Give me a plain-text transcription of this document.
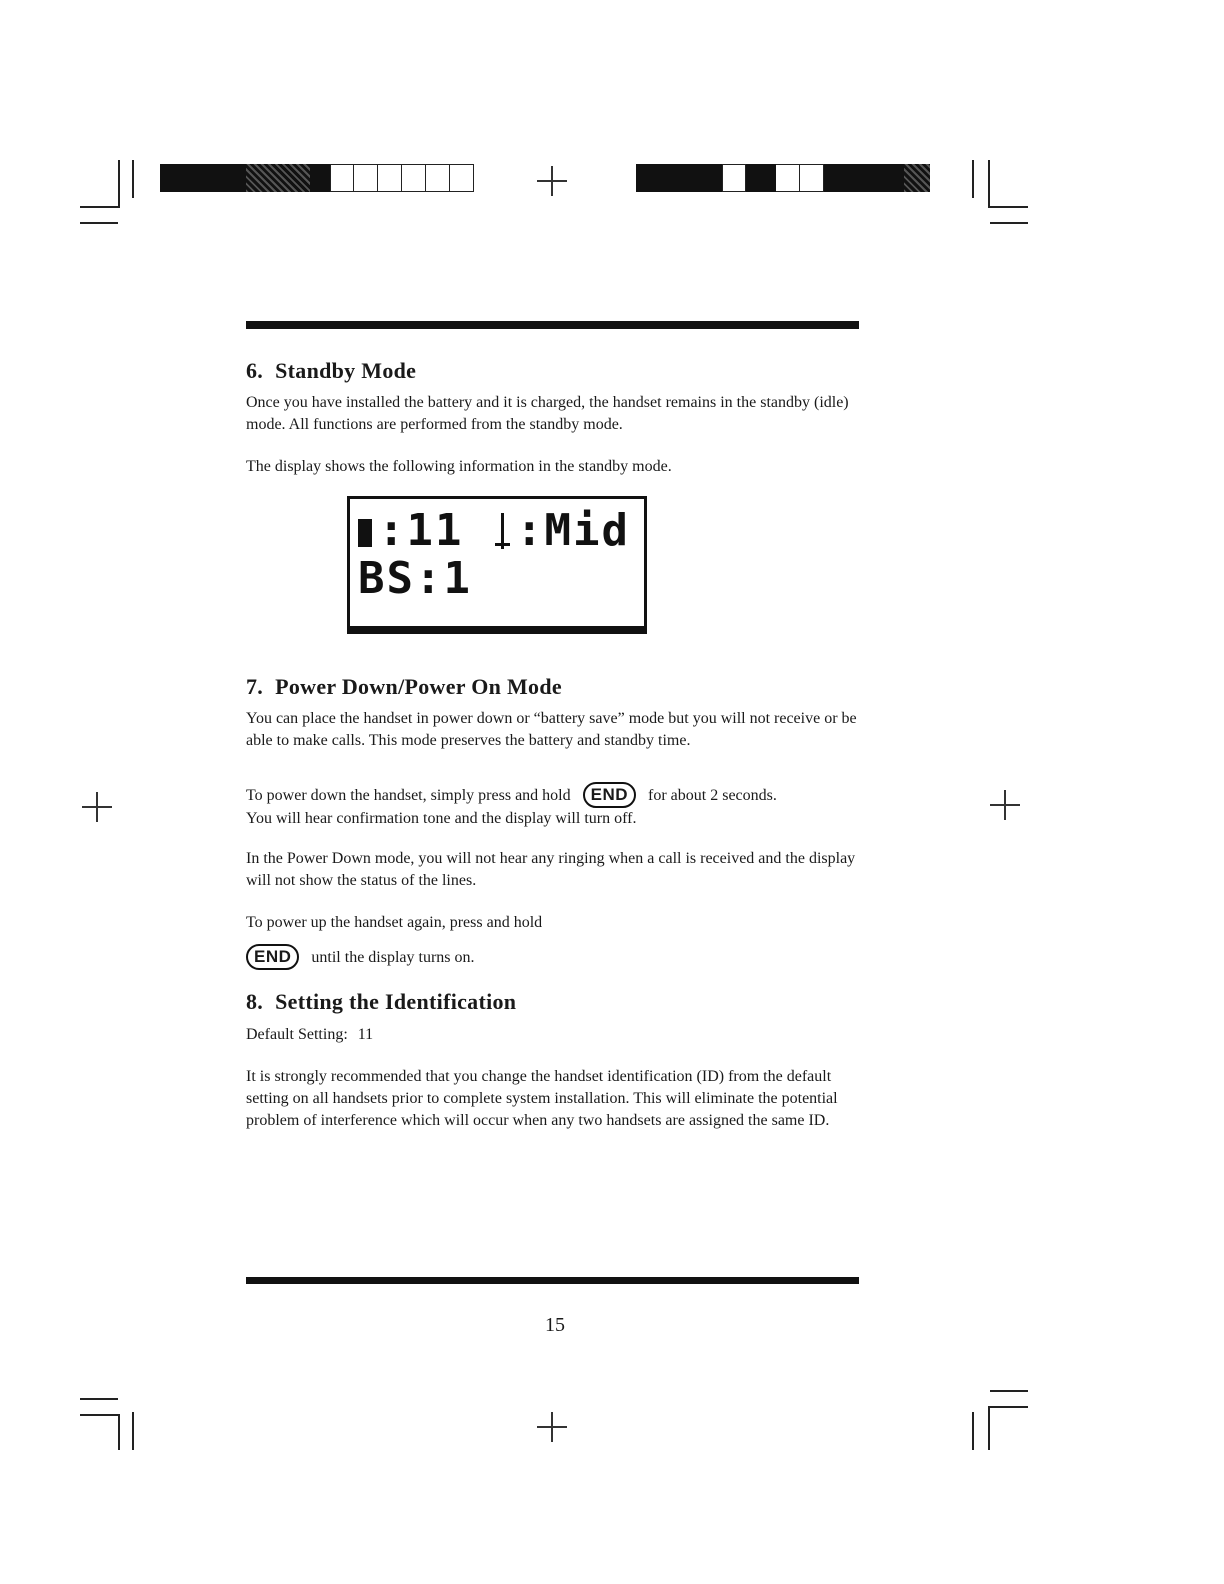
6. Standby Mode

Once you have installed the battery and it is charged, the handset remains in the standby (idle) mode. All functions are performed from the standby mode.

The display shows the following information in the standby mode.

:11 :Mid
BS:1
7. Power Down/Power On Mode

You can place the handset in power down or “battery save” mode but you will not receive or be able to make calls. This mode preserves the battery and standby time.

To power down the handset, simply press and hold END for about 2 seconds.
You will hear confirmation tone and the display will turn off.

In the Power Down mode, you will not hear any ringing when a call is received and the display will not show the status of the lines.

To power up the handset again, press and hold

END until the display turns on.

8. Setting the Identification

Default Setting: 11

It is strongly recommended that you change the handset identification (ID) from the default setting on all handsets prior to complete system installation. This will eliminate the potential problem of interference which will occur when any two handsets are assigned the same ID.

15
